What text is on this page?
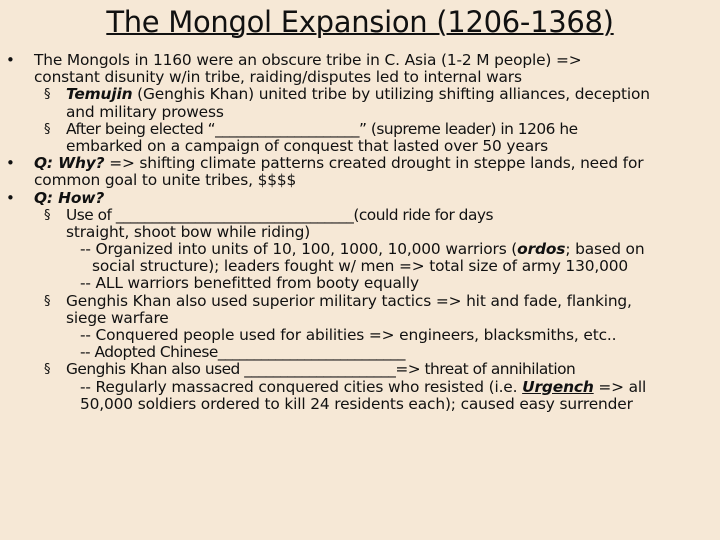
The Mongol Expansion (1206-1368)
• The Mongols in 1160 were an obscure tribe in C. Asia (1-2 M people) =>
constant disunity w/in tribe, raiding/disputes led to internal wars
§ Temujin (Genghis Khan) united tribe by utilizing shifting alliances, deception
and military prowess
§ After being elected “____________________” (supreme leader) in 1206 he
embarked on a campaign of conquest that lasted over 50 years
• Q: Why? => shifting climate patterns created drought in steppe lands, need for
common goal to unite tribes, $$$$
• Q: How?
§ Use of _________________________________(could ride for days
straight, shoot bow while riding)
-- Organized into units of 10, 100, 1000, 10,000 warriors (ordos; based on
social structure); leaders fought w/ men => total size of army 130,000
-- ALL warriors benefitted from booty equally
§ Genghis Khan also used superior military tactics => hit and fade, flanking,
siege warfare
-- Conquered people used for abilities => engineers, blacksmiths, etc..
-- Adopted Chinese__________________________
§ Genghis Khan also used _____________________=> threat of annihilation
-- Regularly massacred conquered cities who resisted (i.e. Urgench => all
50,000 soldiers ordered to kill 24 residents each); caused easy surrender
